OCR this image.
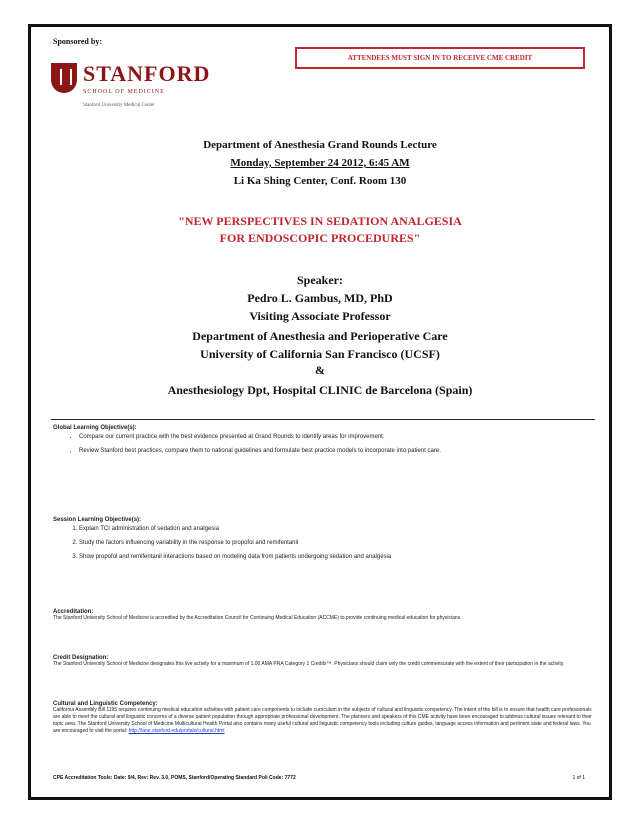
Sponsored by:
STANFORD
SCHOOL OF MEDICINE
Stanford University Medical Center
ATTENDEES MUST SIGN IN TO RECEIVE CME CREDIT
Department of Anesthesia Grand Rounds Lecture
Monday, September 24 2012, 6:45 AM
Li Ka Shing Center, Conf. Room 130
"NEW PERSPECTIVES IN SEDATION ANALGESIA
FOR ENDOSCOPIC PROCEDURES"
Speaker:
Pedro L. Gambus, MD, PhD
Visiting Associate Professor
Department of Anesthesia and Perioperative Care
University of California San Francisco (UCSF)
&
Anesthesiology Dpt, Hospital CLINIC de Barcelona (Spain)
Global Learning Objective(s):
• Compare our current practice with the best evidence presented at Grand Rounds to identify areas for improvement.
• Review Stanford best practices, compare them to national guidelines and formulate best practice models to incorporate into patient care.
Session Learning Objective(s):
1. Explain TCI administration of sedation and analgesia
2. Study the factors influencing variability in the response to propofol and remifentanil
3. Show propofol and remifentanil interactions based on modeling data from patients undergoing sedation and analgesia
Accreditation:
The Stanford University School of Medicine is accredited by the Accreditation Council for Continuing Medical Education (ACCME) to provide continuing medical education for physicians.
Credit Designation:
The Stanford University School of Medicine designates this live activity for a maximum of 1.00 AMA PRA Category 1 Credits™. Physicians should claim only the credit commensurate with the extent of their participation in the activity.
Cultural and Linguistic Competency:
California Assembly Bill 1195 requires continuing medical education activities with patient care components to include curriculum in the subjects of cultural and linguistic competency. The intent of the bill is to ensure that health care professionals are able to meet the cultural and linguistic concerns of a diverse patient population through appropriate professional development. The planners and speakers of this CME activity have been encouraged to address cultural issues relevant to their topic area. The Stanford University School of Medicine Multicultural Health Portal also contains many useful cultural and linguistic competency tools including culture guides, language access information and pertinent state and federal laws. You are encouraged to visit the portal: http://lane.stanford.edu/portals/cultural.html
CPE Accreditation Tools: Date: 9/4, Rev: Rev. 3.0, POMS, Stanford/Operating Standard Poli Code: 7772	1 of 1
